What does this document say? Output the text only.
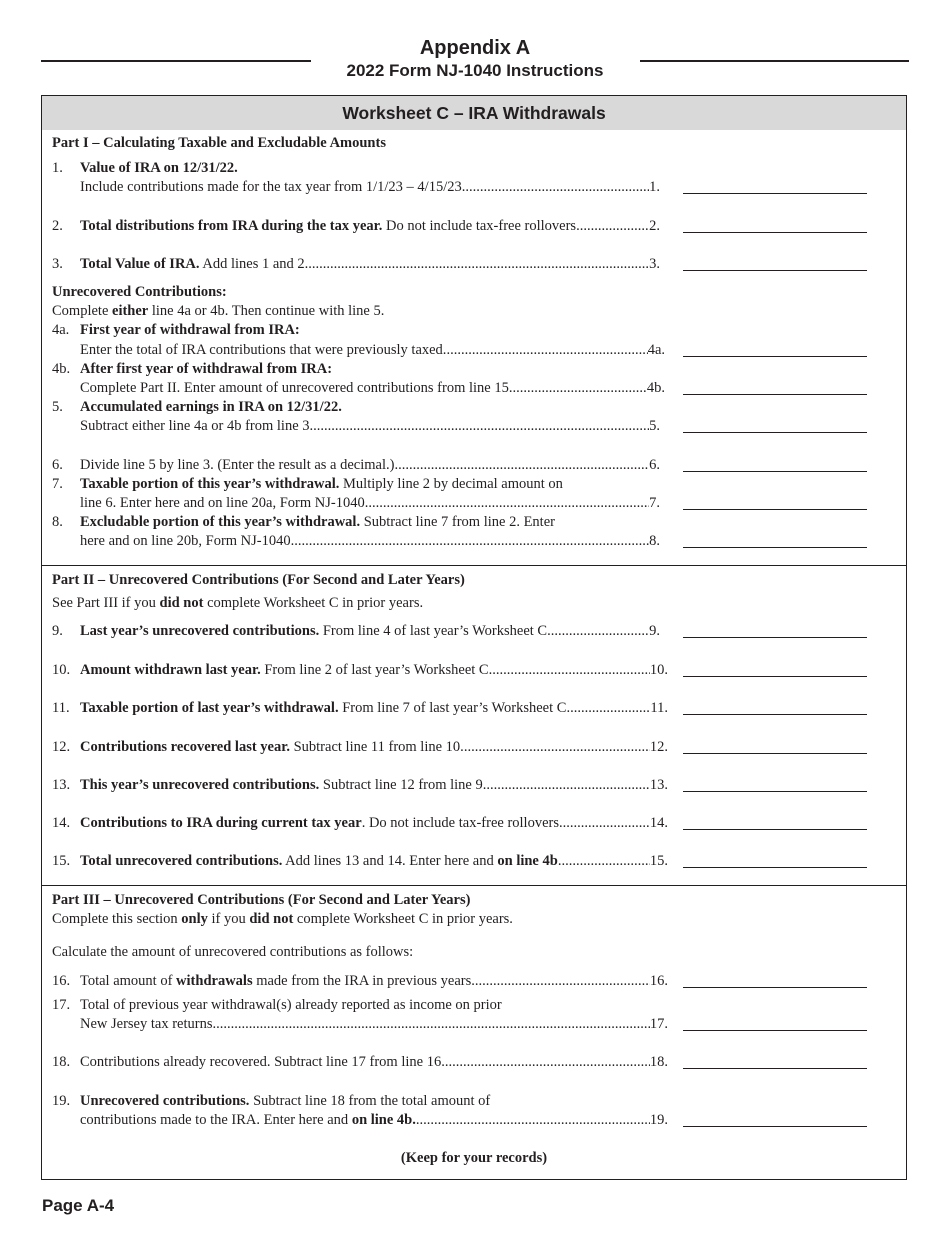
Appendix A
2022 Form NJ-1040 Instructions
Worksheet C – IRA Withdrawals
Part I – Calculating Taxable and Excludable Amounts
1. Value of IRA on 12/31/22.
Include contributions made for the tax year from 1/1/23 – 4/15/23 .....	1.
2. Total distributions from IRA during the tax year. Do not include tax-free rollovers .....	2.
3. Total Value of IRA. Add lines 1 and 2 .....	3.
Unrecovered Contributions:
Complete either line 4a or 4b. Then continue with line 5.
4a. First year of withdrawal from IRA:
Enter the total of IRA contributions that were previously taxed. .....	4a.
4b. After first year of withdrawal from IRA:
Complete Part II. Enter amount of unrecovered contributions from line 15. .....	4b.
5. Accumulated earnings in IRA on 12/31/22.
Subtract either line 4a or 4b from line 3. .....	5.
6. Divide line 5 by line 3. (Enter the result as a decimal.) .....	6.
7. Taxable portion of this year’s withdrawal. Multiply line 2 by decimal amount on
line 6. Enter here and on line 20a, Form NJ-1040. .....	7.
8. Excludable portion of this year’s withdrawal. Subtract line 7 from line 2. Enter
here and on line 20b, Form NJ-1040 .....	8.
Part II – Unrecovered Contributions (For Second and Later Years)
See Part III if you did not complete Worksheet C in prior years.
9. Last year’s unrecovered contributions. From line 4 of last year’s Worksheet C .....	9.
10. Amount withdrawn last year. From line 2 of last year’s Worksheet C .....	10.
11. Taxable portion of last year’s withdrawal. From line 7 of last year’s Worksheet C .....	11.
12. Contributions recovered last year. Subtract line 11 from line 10. .....	12.
13. This year’s unrecovered contributions. Subtract line 12 from line 9. .....	13.
14. Contributions to IRA during current tax year. Do not include tax-free rollovers .....	14.
15. Total unrecovered contributions. Add lines 13 and 14. Enter here and on line 4b. .....	15.
Part III – Unrecovered Contributions (For Second and Later Years)
Complete this section only if you did not complete Worksheet C in prior years.
Calculate the amount of unrecovered contributions as follows:
16. Total amount of withdrawals made from the IRA in previous years. .....	16.
17. Total of previous year withdrawal(s) already reported as income on prior
New Jersey tax returns. .....	17.
18. Contributions already recovered. Subtract line 17 from line 16 .....	18.
19. Unrecovered contributions. Subtract line 18 from the total amount of
contributions made to the IRA. Enter here and on line 4b. .....	19.
(Keep for your records)
Page A-4
